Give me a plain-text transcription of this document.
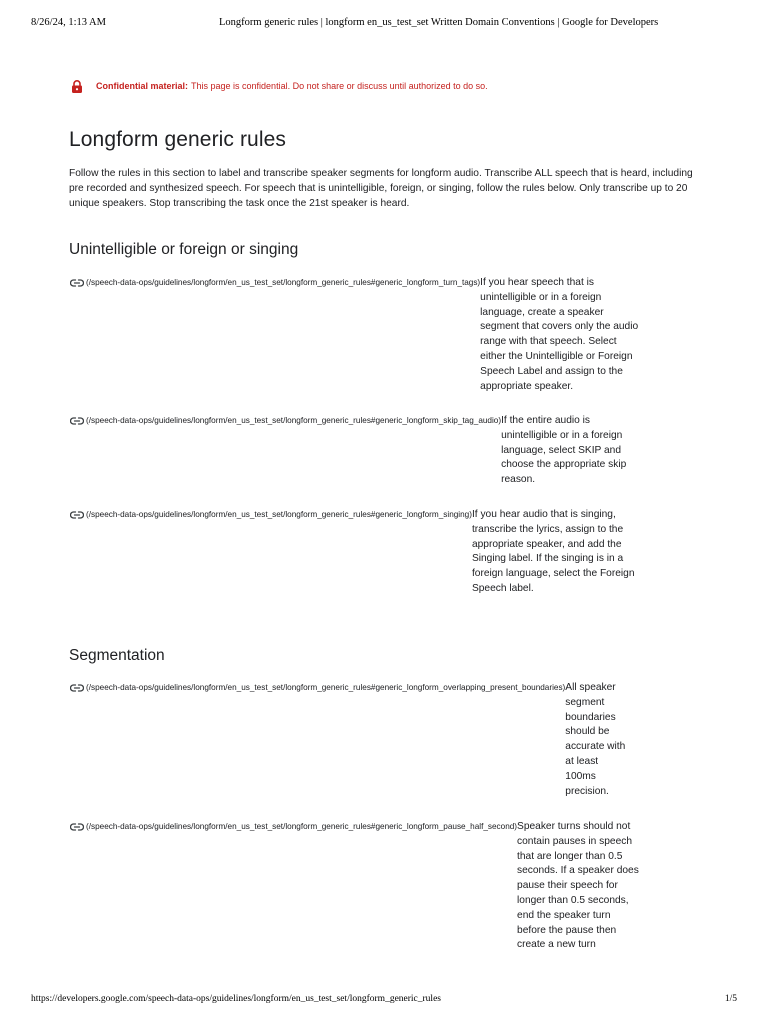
8/26/24, 1:13 AM	Longform generic rules | longform en_us_test_set Written Domain Conventions | Google for Developers
Confidential material: This page is confidential. Do not share or discuss until authorized to do so.
Longform generic rules

Follow the rules in this section to label and transcribe speaker segments for longform audio. Transcribe ALL speech that is heard, including pre recorded and synthesized speech. For speech that is unintelligible, foreign, or singing, follow the rules below. Only transcribe up to 20 unique speakers. Stop transcribing the task once the 21st speaker is heard.

Unintelligible or foreign or singing
(/speech-data-ops/guidelines/longform/en_us_test_set/longform_generic_rules#generic_longform_turn_tags) If you hear speech that is unintelligible or in a foreign language, create a speaker segment that covers only the audio range with that speech. Select either the Unintelligible or Foreign Speech Label and assign to the appropriate speaker.

(/speech-data-ops/guidelines/longform/en_us_test_set/longform_generic_rules#generic_longform_skip_tag_audio) If the entire audio is unintelligible or in a foreign language, select SKIP and choose the appropriate skip reason.

(/speech-data-ops/guidelines/longform/en_us_test_set/longform_generic_rules#generic_longform_singing) If you hear audio that is singing, transcribe the lyrics, assign to the appropriate speaker, and add the Singing label. If the singing is in a foreign language, select the Foreign Speech label.

Segmentation
(/speech-data-ops/guidelines/longform/en_us_test_set/longform_generic_rules#generic_longform_overlapping_present_boundaries) All speaker segment boundaries should be accurate with at least 100ms precision.

(/speech-data-ops/guidelines/longform/en_us_test_set/longform_generic_rules#generic_longform_pause_half_second) Speaker turns should not contain pauses in speech that are longer than 0.5 seconds. If a speaker does pause their speech for longer than 0.5 seconds, end the speaker turn before the pause then create a new turn

https://developers.google.com/speech-data-ops/guidelines/longform/en_us_test_set/longform_generic_rules	1/5
